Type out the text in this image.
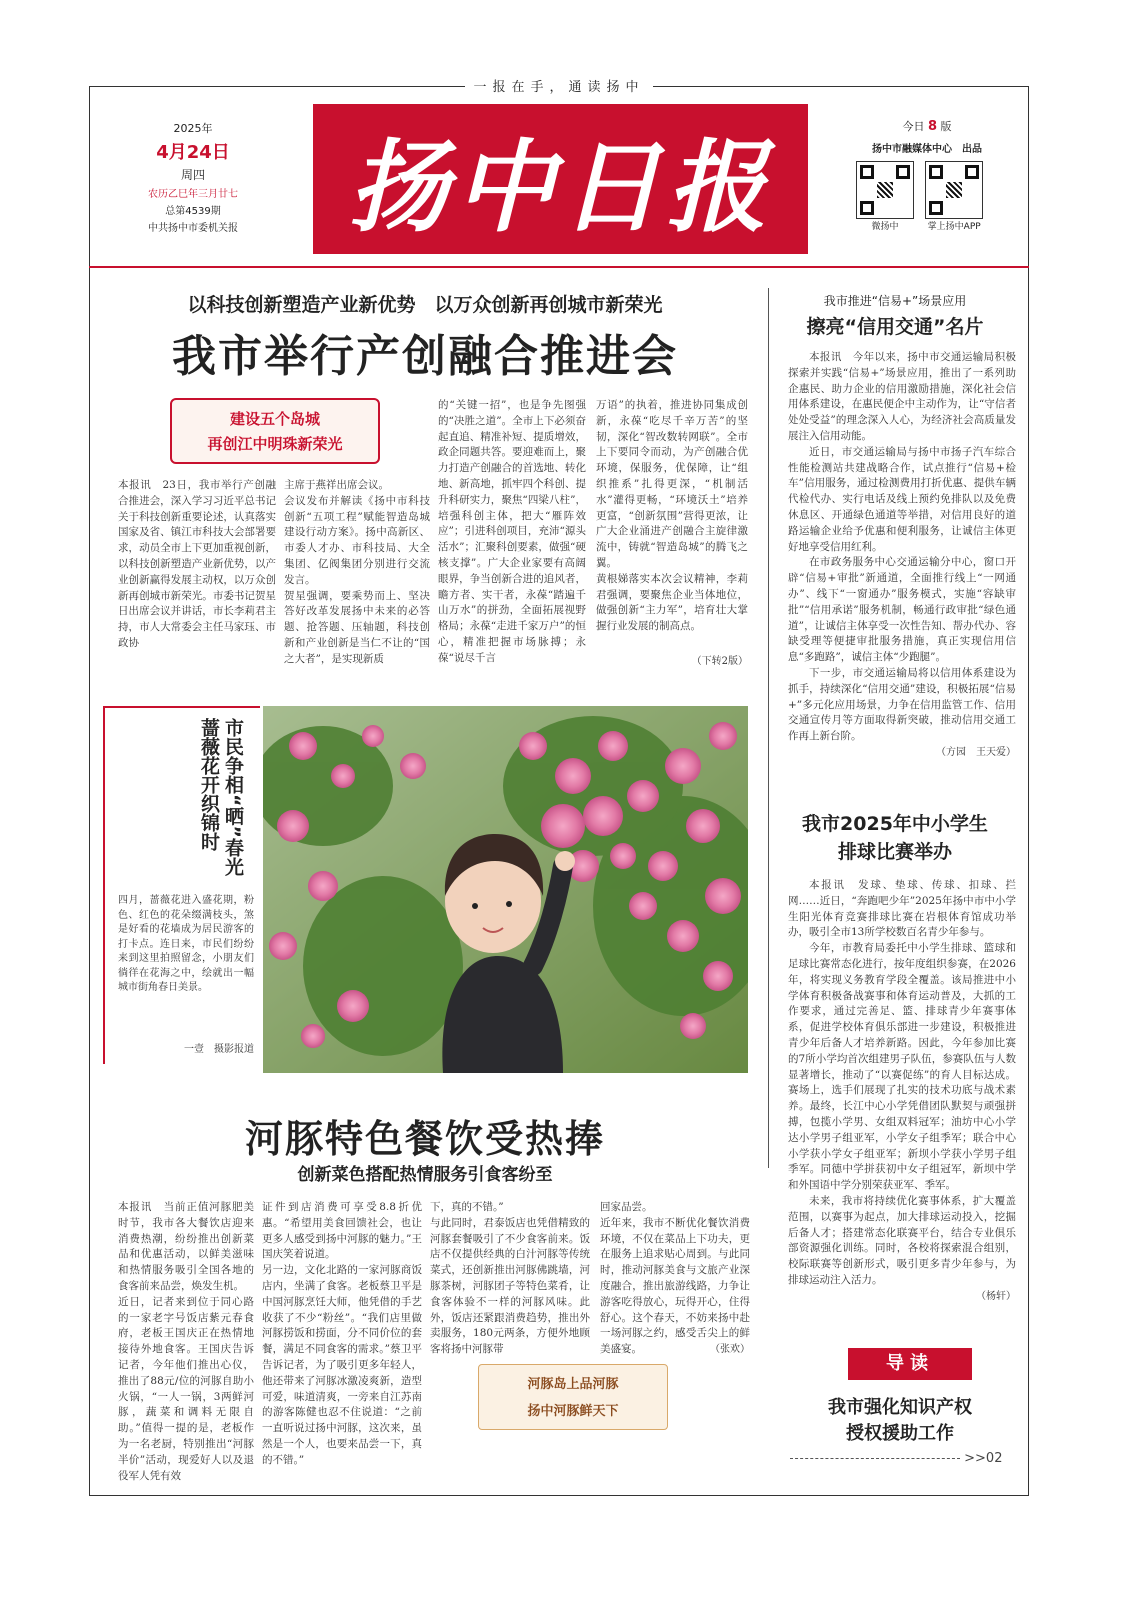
一报在手，通读扬中
2025年
4月24日
周四
农历乙巳年三月廿七
总第4539期
中共扬中市委机关报	扬中日报
今日 8 版
扬中市融媒体中心　出品
微扬中
	掌上扬中APP
以科技创新塑造产业新优势　以万众创新再创城市新荣光
我市举行产创融合推进会
建设五个岛城
再创江中明珠新荣光
本报讯　23日，我市举行产创融合推进会，深入学习习近平总书记关于科技创新重要论述，认真落实国家及省、镇江市科技大会部署要求，动员全市上下更加重视创新，以科技创新塑造产业新优势，以产业创新赢得发展主动权，以万众创新再创城市新荣光。市委书记贺星日出席会议并讲话，市长李莉君主持，市人大常委会主任马家珏、市政协
主席于燕祥出席会议。
会议发布并解读《扬中市科技创新“五项工程”赋能智造岛城建设行动方案》。扬中高新区、市委人才办、市科技局、大全集团、亿阀集团分别进行交流发言。
贺星强调，要乘势而上、坚决答好改革发展扬中未来的必答题、抢答题、压轴题，科技创新和产业创新是当仁不让的“国之大者”，是实现新质
的“关键一招”，也是争先图强的“决胜之道”。全市上下必须奋起直追、精准补短、提质增效，政企同题共答。要迎难而上，聚力打造产创融合的首选地、转化地、新高地，抓牢四个科创、提升科研实力，聚焦“四梁八柱”，培强科创主体，把大“雁阵效应”；引进科创项目，充沛“源头活水”；汇聚科创要素，做强“硬核支撑”。广大企业家要有高阔眼界，争当创新合进的追风者，瞻方者、实干者，永葆“踏遍千山万水”的拼劲，全面拓展视野格局；永葆“走进千家万户”的恒心，精准把握市场脉搏；永葆“说尽千言
万语”的执着，推进协同集成创新，永葆“吃尽千辛万苦”的坚韧，深化“智改数转网联”。全市上下要同令而动，为产创融合优环境，保服务，优保障，让“组织推系”扎得更深，“机制活水”灌得更畅，“环境沃土”培养更富，“创新氛围”营得更浓，让广大企业涌进产创融合主旋律激流中，铸就“智造岛城”的腾飞之翼。
黄根娣落实本次会议精神，李莉君强调，要聚焦企业当体地位，做强创新“主力军”，培育壮大掌握行业发展的制高点。
（下转2版）
我市推进“信易+”场景应用
擦亮“信用交通”名片
本报讯　今年以来，扬中市交通运输局积极探索并实践“信易+”场景应用，推出了一系列助企惠民、助力企业的信用激励措施，深化社会信用体系建设，在惠民便企中主动作为，让“守信者处处受益”的理念深入人心，为经济社会高质量发展注入信用动能。
近日，市交通运输局与扬中市扬子汽车综合性能检测站共建战略合作，试点推行“信易+检车”信用服务，通过检测费用打折优惠、提供车辆代检代办、实行电话及线上预约免排队以及免费休息区、开通绿色通道等举措，对信用良好的道路运输企业给予优惠和便利服务，让诚信主体更好地享受信用红利。
在市政务服务中心交通运输分中心，窗口开辟“信易+审批”新通道，全面推行线上“一网通办”、线下“一窗通办”服务模式，实施“容缺审批”“信用承诺”服务机制，畅通行政审批“绿色通道”，让诚信主体享受一次性告知、帮办代办、容缺受理等便捷审批服务措施，真正实现信用信息“多跑路”，诚信主体“少跑腿”。
下一步，市交通运输局将以信用体系建设为抓手，持续深化“信用交通”建设，积极拓展“信易+”多元化应用场景，力争在信用监管工作、信用交通宣传月等方面取得新突破，推动信用交通工作再上新台阶。
（方园　王天爱）
我市2025年中小学生
排球比赛举办
本报讯　发球、垫球、传球、扣球、拦网……近日，“奔跑吧少年”2025年扬中市中小学生阳光体育竞赛排球比赛在岩根体育馆成功举办，吸引全市13所学校数百名青少年参与。
今年，市教育局委托中小学生排球、篮球和足球比赛常态化进行，按年度组织参赛，在2026年，将实现义务教育学段全覆盖。该局推进中小学体育积极备战赛事和体育运动普及，大抓的工作要求，通过完善足、篮、排球青少年赛事体系，促进学校体育俱乐部进一步建设，积极推进青少年后备人才培养新路。因此，今年参加比赛的7所小学均首次组建男子队伍，参赛队伍与人数显著增长，推动了“以赛促练”的育人目标达成。赛场上，选手们展现了扎实的技术功底与战术素养。最终，长江中心小学凭借团队默契与顽强拼搏，包揽小学男、女组双料冠军；油坊中心小学达小学男子组亚军，小学女子组季军；联合中心小学获小学女子组亚军；新坝小学获小学男子组季军。同德中学拼获初中女子组冠军，新坝中学和外国语中学分别荣获亚军、季军。
未来，我市将持续优化赛事体系，扩大覆盖范围，以赛事为起点，加大排球运动投入，挖掘后备人才；搭建常态化联赛平台，结合专业俱乐部资源强化训练。同时，各校将探索混合组别，校际联赛等创新形式，吸引更多青少年参与，为排球运动注入活力。
（杨轩）
市民争相“晒”春光
蔷薇花开织锦时
四月，蔷薇花进入盛花期，粉色、红色的花朵缀满枝头，煞是好看的花墙成为居民游客的打卡点。连日来，市民们纷纷来到这里拍照留念，小朋友们徜徉在花海之中，绘就出一幅城市街角春日美景。
一壹　摄影报道
河豚特色餐饮受热捧
创新菜色搭配热情服务引食客纷至
本报讯　当前正值河豚肥美时节，我市各大餐饮店迎来消费热潮，纷纷推出创新菜品和优惠活动，以鲜美滋味和热情服务吸引全国各地的食客前来品尝，焕发生机。
近日，记者来到位于同心路的一家老字号饭店紫元春食府，老板王国庆正在热情地接待外地食客。王国庆告诉记者，今年他们推出心仪，推出了88元/位的河豚自助小火锅，“一人一锅，3两鲜河豚，蔬菜和调料无限自助。”值得一提的是，老板作为一名老厨，特别推出“河豚半价”活动，现爱好人以及退役军人凭有效
证件到店消费可享受8.8折优惠。“希望用美食回馈社会，也让更多人感受到扬中河豚的魅力。”王国庆笑着说道。
另一边，文化北路的一家河豚商饭店内，坐满了食客。老板蔡卫平是中国河豚烹饪大师，他凭借的手艺收获了不少“粉丝”。“我们店里做河豚捞饭和捞面，分不同价位的套餐，满足不同食客的需求。”蔡卫平告诉记者，为了吸引更多年轻人，他还带来了河豚冰激凌爽新，造型可爱，味道清爽，一旁来自江苏南的游客陈健也忍不住说道：“之前一直听说过扬中河豚，这次来，虽然是一个人，也要来品尝一下，真的不错。”
下，真的不错。”
与此同时，君泰饭店也凭借精致的河豚套餐吸引了不少食客前来。饭店不仅提供经典的白汁河豚等传统菜式，还创新推出河豚佛跳墙，河豚茶树，河豚团子等特色菜肴，让食客体验不一样的河豚风味。此外，饭店还紧跟消费趋势，推出外卖服务，180元两条，方便外地顾客将扬中河豚带
回家品尝。
近年来，我市不断优化餐饮消费环境，不仅在菜品上下功夫，更在服务上追求贴心周到。与此同时，推动河豚美食与文旅产业深度融合，推出旅游线路，力争让游客吃得放心，玩得开心，住得舒心。这个春天，不妨来扬中赴一场河豚之约，感受舌尖上的鲜美盛宴。	（张欢）
河豚岛上品河豚
扬中河豚鲜天下
导读
我市强化知识产权
授权援助工作
>>02
